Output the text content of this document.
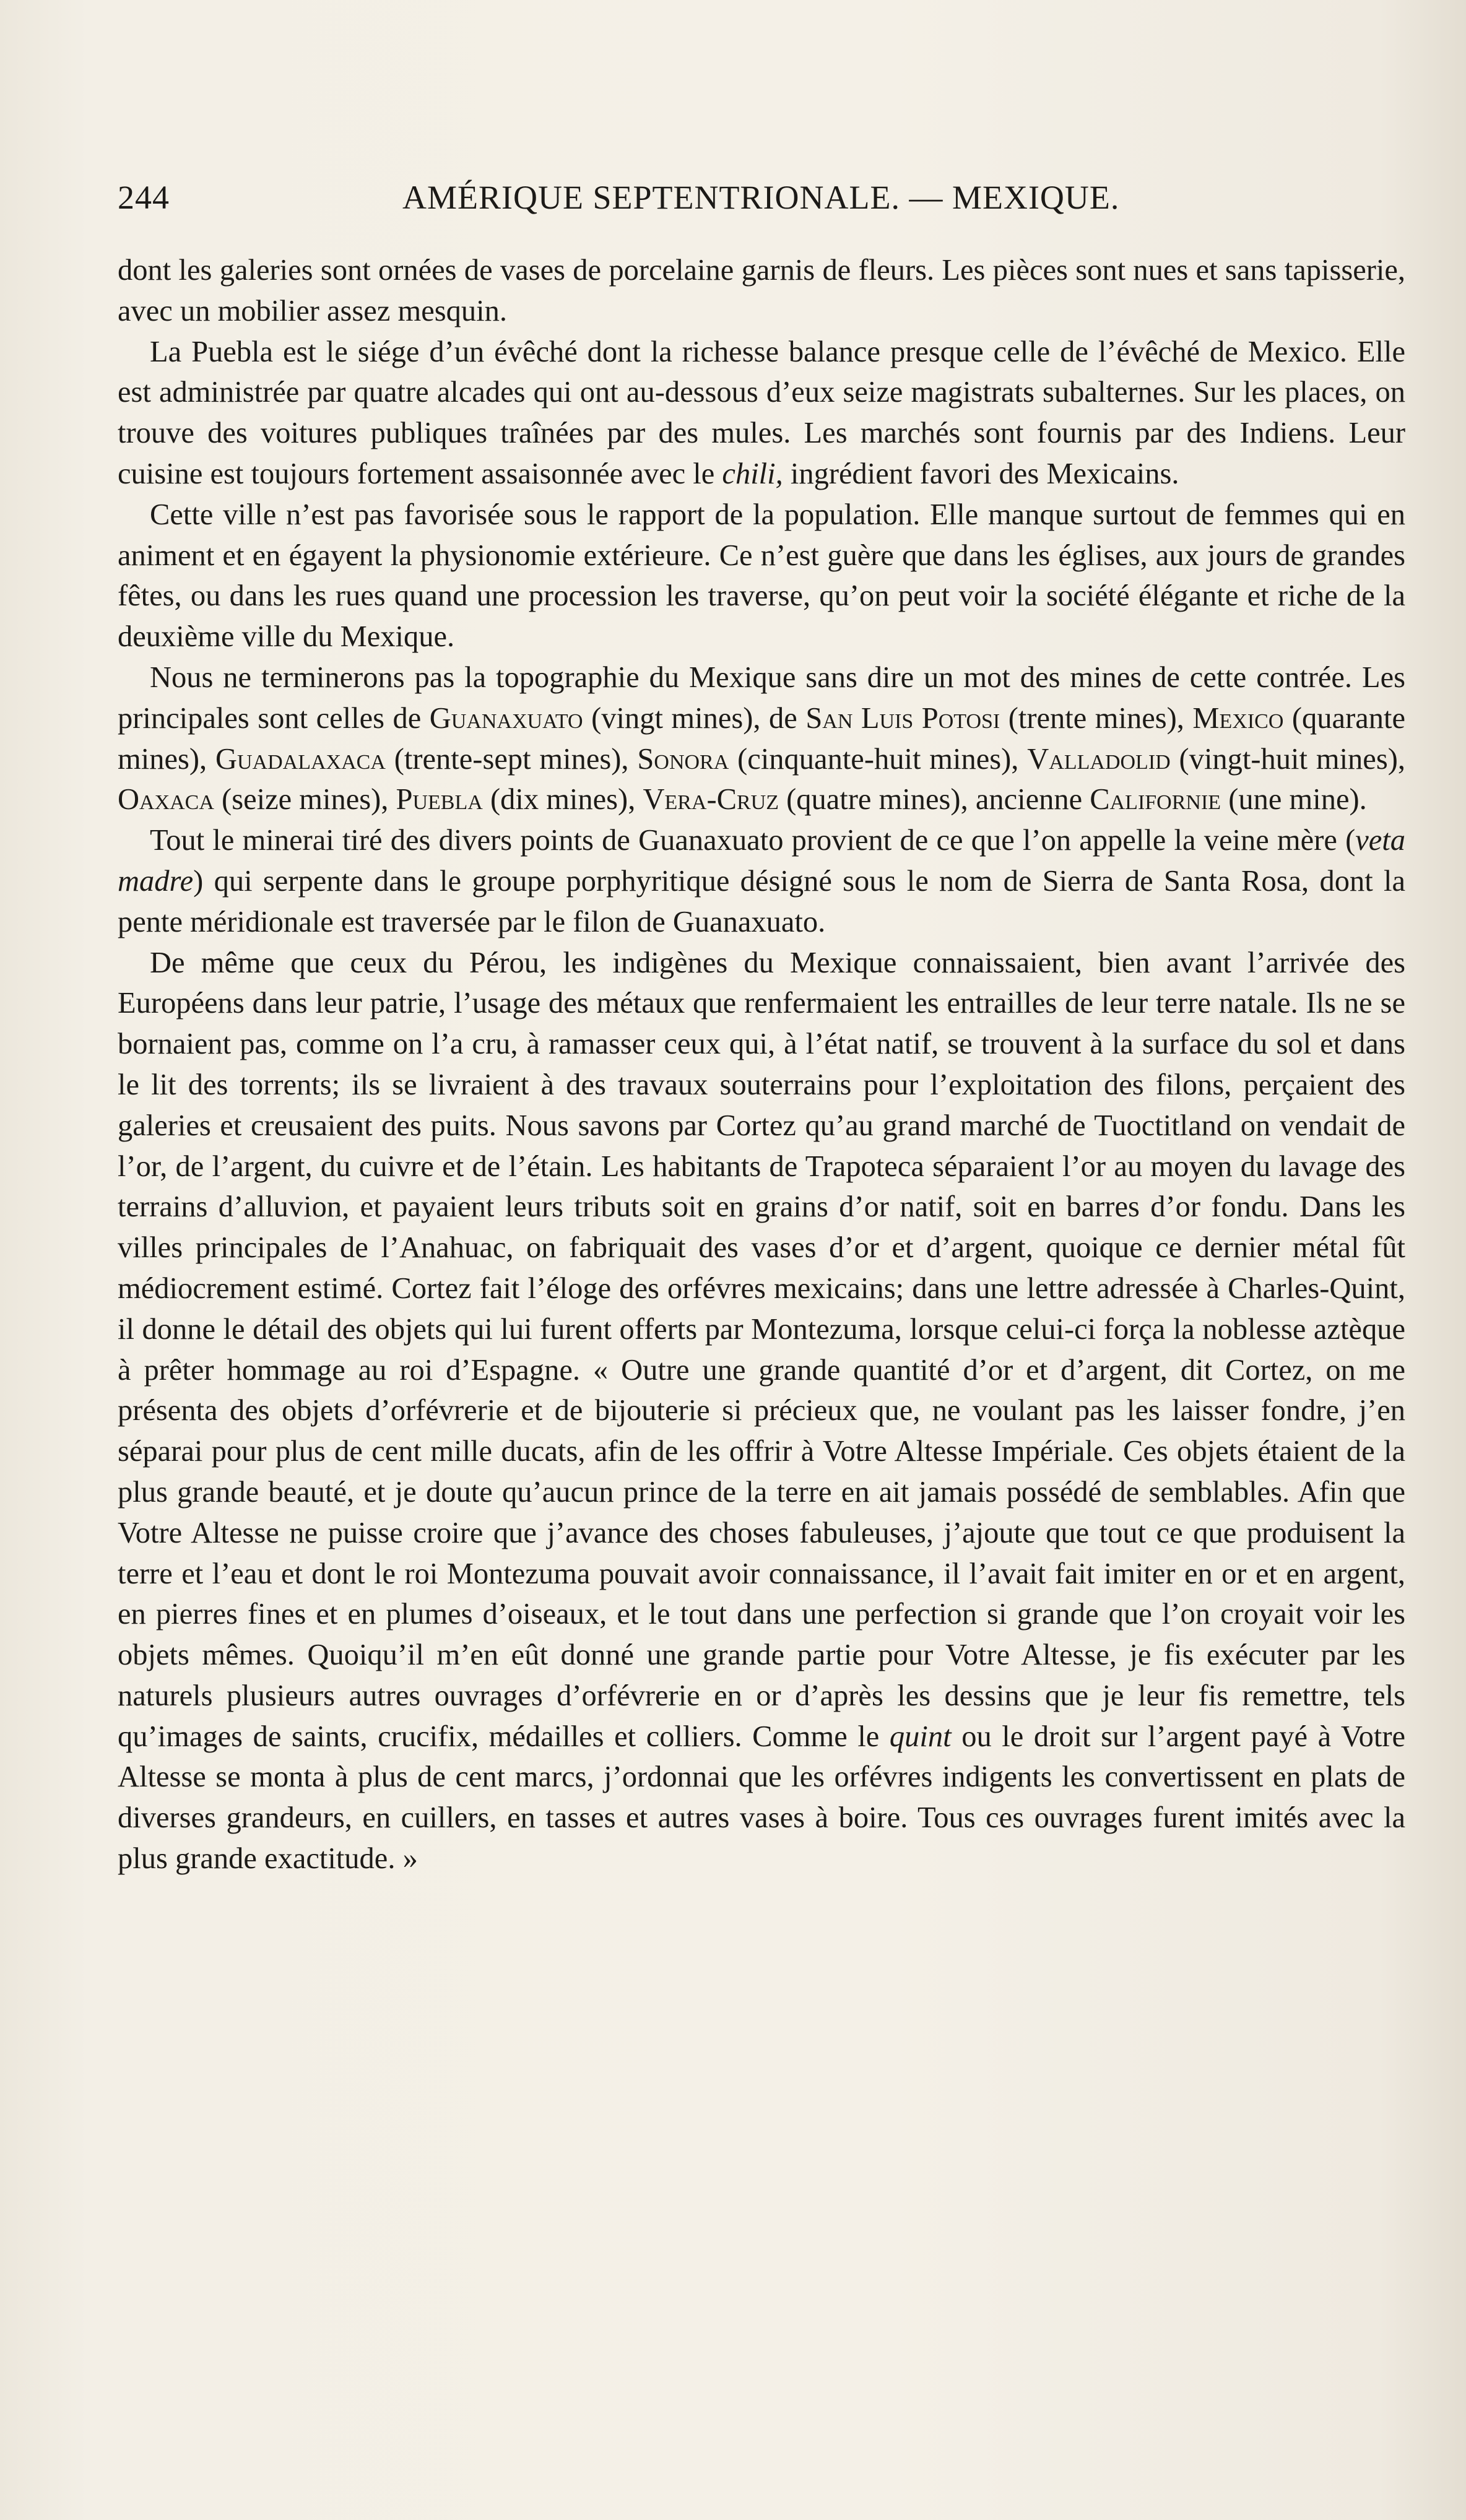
244	AMÉRIQUE SEPTENTRIONALE. — MEXIQUE.

dont les galeries sont ornées de vases de porcelaine garnis de fleurs. Les pièces sont nues et sans tapisserie, avec un mobilier assez mesquin.

La Puebla est le siége d’un évêché dont la richesse balance presque celle de l’évêché de Mexico. Elle est administrée par quatre alcades qui ont au-dessous d’eux seize magistrats subalternes. Sur les places, on trouve des voitures publiques traînées par des mules. Les marchés sont fournis par des Indiens. Leur cuisine est toujours fortement assaisonnée avec le chili, ingrédient favori des Mexicains.

Cette ville n’est pas favorisée sous le rapport de la population. Elle manque surtout de femmes qui en animent et en égayent la physionomie extérieure. Ce n’est guère que dans les églises, aux jours de grandes fêtes, ou dans les rues quand une procession les traverse, qu’on peut voir la société élégante et riche de la deuxième ville du Mexique.

Nous ne terminerons pas la topographie du Mexique sans dire un mot des mines de cette contrée. Les principales sont celles de Guanaxuato (vingt mines), de San Luis Potosi (trente mines), Mexico (quarante mines), Guadalaxaca (trente-sept mines), Sonora (cinquante-huit mines), Valladolid (vingt-huit mines), Oaxaca (seize mines), Puebla (dix mines), Vera-Cruz (quatre mines), ancienne Californie (une mine).

Tout le minerai tiré des divers points de Guanaxuato provient de ce que l’on appelle la veine mère (veta madre) qui serpente dans le groupe porphyritique désigné sous le nom de Sierra de Santa Rosa, dont la pente méridionale est traversée par le filon de Guanaxuato.

De même que ceux du Pérou, les indigènes du Mexique connaissaient, bien avant l’arrivée des Européens dans leur patrie, l’usage des métaux que renfermaient les entrailles de leur terre natale. Ils ne se bornaient pas, comme on l’a cru, à ramasser ceux qui, à l’état natif, se trouvent à la surface du sol et dans le lit des torrents; ils se livraient à des travaux souterrains pour l’exploitation des filons, perçaient des galeries et creusaient des puits. Nous savons par Cortez qu’au grand marché de Tuoctitland on vendait de l’or, de l’argent, du cuivre et de l’étain. Les habitants de Trapoteca séparaient l’or au moyen du lavage des terrains d’alluvion, et payaient leurs tributs soit en grains d’or natif, soit en barres d’or fondu. Dans les villes principales de l’Anahuac, on fabriquait des vases d’or et d’argent, quoique ce dernier métal fût médiocrement estimé. Cortez fait l’éloge des orfévres mexicains; dans une lettre adressée à Charles-Quint, il donne le détail des objets qui lui furent offerts par Montezuma, lorsque celui-ci força la noblesse aztèque à prêter hommage au roi d’Espagne. « Outre une grande quantité d’or et d’argent, dit Cortez, on me présenta des objets d’orfévrerie et de bijouterie si précieux que, ne voulant pas les laisser fondre, j’en séparai pour plus de cent mille ducats, afin de les offrir à Votre Altesse Impériale. Ces objets étaient de la plus grande beauté, et je doute qu’aucun prince de la terre en ait jamais possédé de semblables. Afin que Votre Altesse ne puisse croire que j’avance des choses fabuleuses, j’ajoute que tout ce que produisent la terre et l’eau et dont le roi Montezuma pouvait avoir connaissance, il l’avait fait imiter en or et en argent, en pierres fines et en plumes d’oiseaux, et le tout dans une perfection si grande que l’on croyait voir les objets mêmes. Quoiqu’il m’en eût donné une grande partie pour Votre Altesse, je fis exécuter par les naturels plusieurs autres ouvrages d’orfévrerie en or d’après les dessins que je leur fis remettre, tels qu’images de saints, crucifix, médailles et colliers. Comme le quint ou le droit sur l’argent payé à Votre Altesse se monta à plus de cent marcs, j’ordonnai que les orfévres indigents les convertissent en plats de diverses grandeurs, en cuillers, en tasses et autres vases à boire. Tous ces ouvrages furent imités avec la plus grande exactitude. »
